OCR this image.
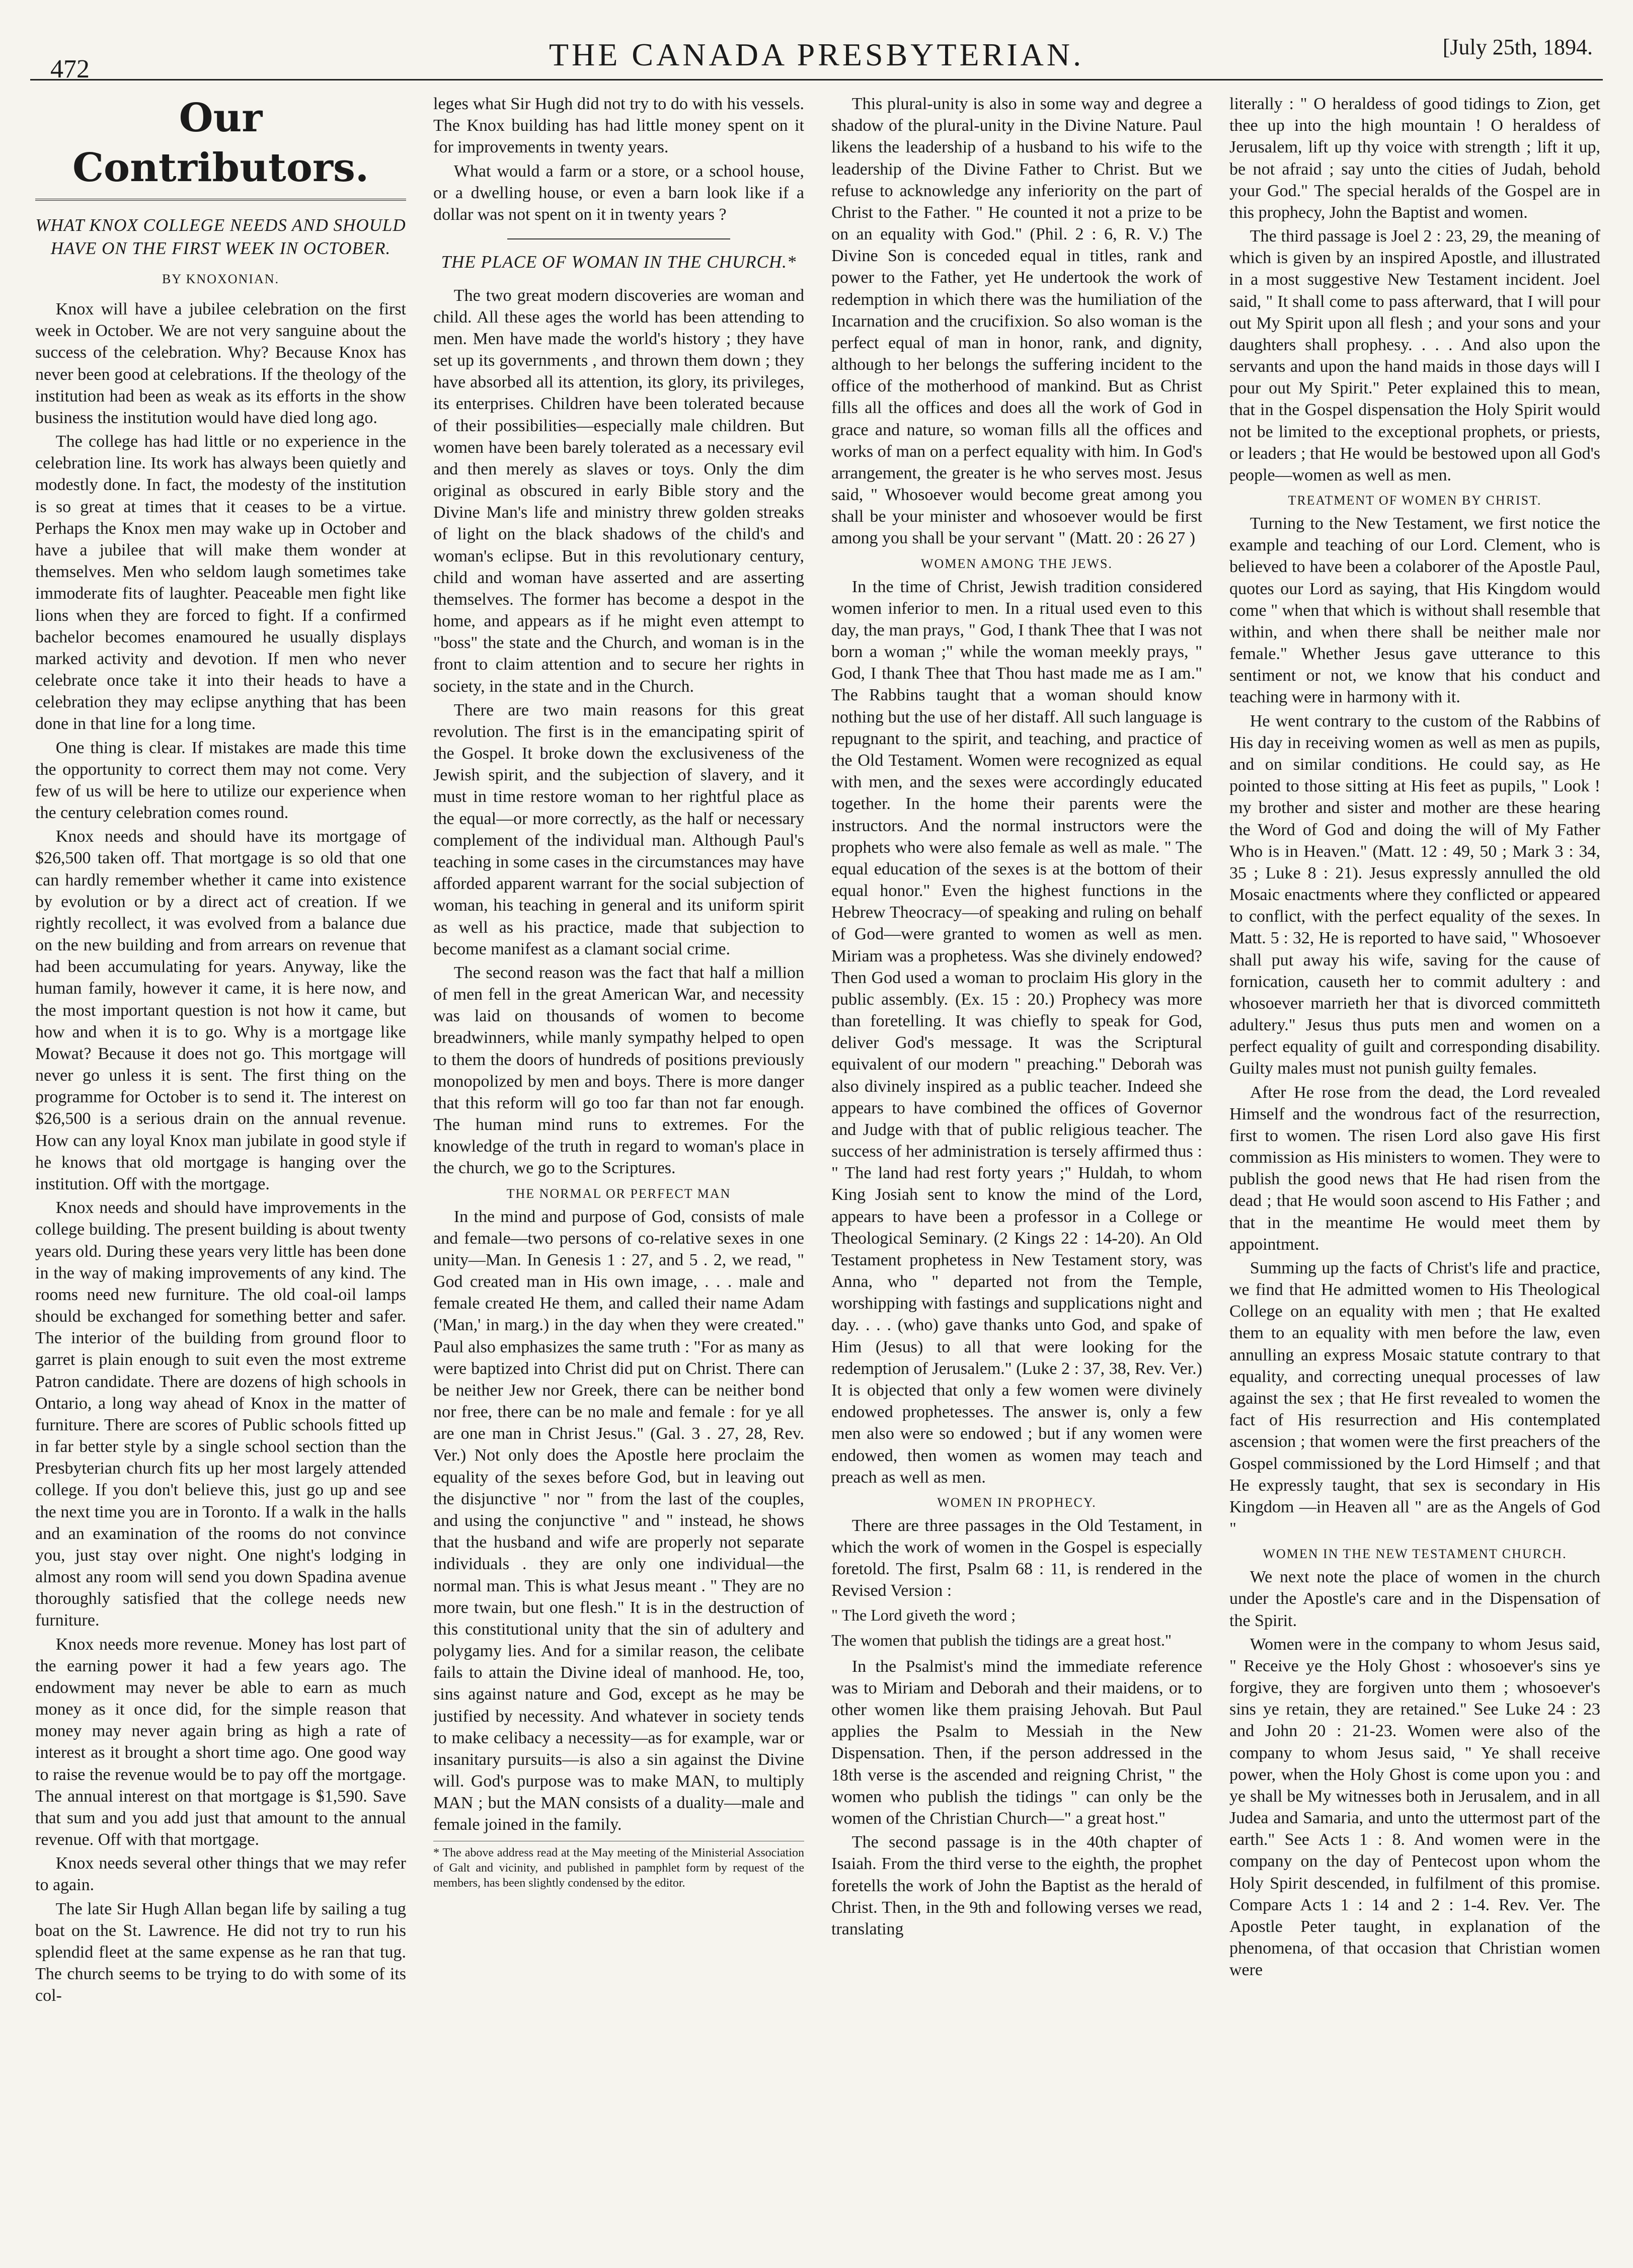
472	THE CANADA PRESBYTERIAN.	[July 25th, 1894.
Our Contributors.
WHAT KNOX COLLEGE NEEDS AND SHOULD HAVE ON THE FIRST WEEK IN OCTOBER.
BY KNOXONIAN.

Knox will have a jubilee celebration on the first week in October. We are not very sanguine about the success of the celebration. Why? Because Knox has never been good at celebrations. If the theology of the institution had been as weak as its efforts in the show business the institution would have died long ago.

The college has had little or no experience in the celebration line. Its work has always been quietly and modestly done. In fact, the modesty of the institution is so great at times that it ceases to be a virtue. Perhaps the Knox men may wake up in October and have a jubilee that will make them wonder at themselves. Men who seldom laugh sometimes take immoderate fits of laughter. Peaceable men fight like lions when they are forced to fight. If a confirmed bachelor becomes enamoured he usually displays marked activity and devotion. If men who never celebrate once take it into their heads to have a celebration they may eclipse anything that has been done in that line for a long time.

One thing is clear. If mistakes are made this time the opportunity to correct them may not come. Very few of us will be here to utilize our experience when the century celebration comes round.

Knox needs and should have its mortgage of $26,500 taken off. That mortgage is so old that one can hardly remember whether it came into existence by evolution or by a direct act of creation. If we rightly recollect, it was evolved from a balance due on the new building and from arrears on revenue that had been accumulating for years. Anyway, like the human family, however it came, it is here now, and the most important question is not how it came, but how and when it is to go. Why is a mortgage like Mowat? Because it does not go. This mortgage will never go unless it is sent. The first thing on the programme for October is to send it. The interest on $26,500 is a serious drain on the annual revenue. How can any loyal Knox man jubilate in good style if he knows that old mortgage is hanging over the institution. Off with the mortgage.

Knox needs and should have improvements in the college building. The present building is about twenty years old. During these years very little has been done in the way of making improvements of any kind. The rooms need new furniture. The old coal-oil lamps should be exchanged for something better and safer. The interior of the building from ground floor to garret is plain enough to suit even the most extreme Patron candidate. There are dozens of high schools in Ontario, a long way ahead of Knox in the matter of furniture. There are scores of Public schools fitted up in far better style by a single school section than the Presbyterian church fits up her most largely attended college. If you don't believe this, just go up and see the next time you are in Toronto. If a walk in the halls and an examination of the rooms do not convince you, just stay over night. One night's lodging in almost any room will send you down Spadina avenue thoroughly satisfied that the college needs new furniture.

Knox needs more revenue. Money has lost part of the earning power it had a few years ago. The endowment may never be able to earn as much money as it once did, for the simple reason that money may never again bring as high a rate of interest as it brought a short time ago. One good way to raise the revenue would be to pay off the mortgage. The annual interest on that mortgage is $1,590. Save that sum and you add just that amount to the annual revenue. Off with that mortgage.

Knox needs several other things that we may refer to again.

The late Sir Hugh Allan began life by sailing a tug boat on the St. Lawrence. He did not try to run his splendid fleet at the same expense as he ran that tug. The church seems to be trying to do with some of its col-

leges what Sir Hugh did not try to do with his vessels. The Knox building has had little money spent on it for improvements in twenty years.

What would a farm or a store, or a school house, or a dwelling house, or even a barn look like if a dollar was not spent on it in twenty years ?

THE PLACE OF WOMAN IN THE CHURCH.*

The two great modern discoveries are woman and child. All these ages the world has been attending to men. Men have made the world's history ; they have set up its governments , and thrown them down ; they have absorbed all its attention, its glory, its privileges, its enterprises. Children have been tolerated because of their possibilities—especially male children. But women have been barely tolerated as a necessary evil and then merely as slaves or toys. Only the dim original as obscured in early Bible story and the Divine Man's life and ministry threw golden streaks of light on the black shadows of the child's and woman's eclipse. But in this revolutionary century, child and woman have asserted and are asserting themselves. The former has become a despot in the home, and appears as if he might even attempt to "boss" the state and the Church, and woman is in the front to claim attention and to secure her rights in society, in the state and in the Church.

There are two main reasons for this great revolution. The first is in the emancipating spirit of the Gospel. It broke down the exclusiveness of the Jewish spirit, and the subjection of slavery, and it must in time restore woman to her rightful place as the equal—or more correctly, as the half or necessary complement of the individual man. Although Paul's teaching in some cases in the circumstances may have afforded apparent warrant for the social subjection of woman, his teaching in general and its uniform spirit as well as his practice, made that subjection to become manifest as a clamant social crime.

The second reason was the fact that half a million of men fell in the great American War, and necessity was laid on thousands of women to become breadwinners, while manly sympathy helped to open to them the doors of hundreds of positions previously monopolized by men and boys. There is more danger that this reform will go too far than not far enough. The human mind runs to extremes. For the knowledge of the truth in regard to woman's place in the church, we go to the Scriptures.

THE NORMAL OR PERFECT MAN

In the mind and purpose of God, consists of male and female—two persons of co-relative sexes in one unity—Man. In Genesis 1 : 27, and 5 . 2, we read, " God created man in His own image, . . . male and female created He them, and called their name Adam ('Man,' in marg.) in the day when they were created." Paul also emphasizes the same truth : "For as many as were baptized into Christ did put on Christ. There can be neither Jew nor Greek, there can be neither bond nor free, there can be no male and female : for ye all are one man in Christ Jesus." (Gal. 3 . 27, 28, Rev. Ver.) Not only does the Apostle here proclaim the equality of the sexes before God, but in leaving out the disjunctive " nor " from the last of the couples, and using the conjunctive " and " instead, he shows that the husband and wife are properly not separate individuals . they are only one individual—the normal man. This is what Jesus meant . " They are no more twain, but one flesh." It is in the destruction of this constitutional unity that the sin of adultery and polygamy lies. And for a similar reason, the celibate fails to attain the Divine ideal of manhood. He, too, sins against nature and God, except as he may be justified by necessity. And whatever in society tends to make celibacy a necessity—as for example, war or insanitary pursuits—is also a sin against the Divine will. God's purpose was to make MAN, to multiply MAN ; but the MAN consists of a duality—male and female joined in the family.

* The above address read at the May meeting of the Ministerial Association of Galt and vicinity, and published in pamphlet form by request of the members, has been slightly condensed by the editor.

This plural-unity is also in some way and degree a shadow of the plural-unity in the Divine Nature. Paul likens the leadership of a husband to his wife to the leadership of the Divine Father to Christ. But we refuse to acknowledge any inferiority on the part of Christ to the Father. " He counted it not a prize to be on an equality with God." (Phil. 2 : 6, R. V.) The Divine Son is conceded equal in titles, rank and power to the Father, yet He undertook the work of redemption in which there was the humiliation of the Incarnation and the crucifixion. So also woman is the perfect equal of man in honor, rank, and dignity, although to her belongs the suffering incident to the office of the motherhood of mankind. But as Christ fills all the offices and does all the work of God in grace and nature, so woman fills all the offices and works of man on a perfect equality with him. In God's arrangement, the greater is he who serves most. Jesus said, " Whosoever would become great among you shall be your minister and whosoever would be first among you shall be your servant " (Matt. 20 : 26 27 )

WOMEN AMONG THE JEWS.

In the time of Christ, Jewish tradition considered women inferior to men. In a ritual used even to this day, the man prays, " God, I thank Thee that I was not born a woman ;" while the woman meekly prays, " God, I thank Thee that Thou hast made me as I am." The Rabbins taught that a woman should know nothing but the use of her distaff. All such language is repugnant to the spirit, and teaching, and practice of the Old Testament. Women were recognized as equal with men, and the sexes were accordingly educated together. In the home their parents were the instructors. And the normal instructors were the prophets who were also female as well as male. " The equal education of the sexes is at the bottom of their equal honor." Even the highest functions in the Hebrew Theocracy—of speaking and ruling on behalf of God—were granted to women as well as men. Miriam was a prophetess. Was she divinely endowed? Then God used a woman to proclaim His glory in the public assembly. (Ex. 15 : 20.) Prophecy was more than foretelling. It was chiefly to speak for God, deliver God's message. It was the Scriptural equivalent of our modern " preaching." Deborah was also divinely inspired as a public teacher. Indeed she appears to have combined the offices of Governor and Judge with that of public religious teacher. The success of her administration is tersely affirmed thus : " The land had rest forty years ;" Huldah, to whom King Josiah sent to know the mind of the Lord, appears to have been a professor in a College or Theological Seminary. (2 Kings 22 : 14-20). An Old Testament prophetess in New Testament story, was Anna, who " departed not from the Temple, worshipping with fastings and supplications night and day. . . . (who) gave thanks unto God, and spake of Him (Jesus) to all that were looking for the redemption of Jerusalem." (Luke 2 : 37, 38, Rev. Ver.) It is objected that only a few women were divinely endowed prophetesses. The answer is, only a few men also were so endowed ; but if any women were endowed, then women as women may teach and preach as well as men.

WOMEN IN PROPHECY.

There are three passages in the Old Testament, in which the work of women in the Gospel is especially foretold. The first, Psalm 68 : 11, is rendered in the Revised Version :

" The Lord giveth the word ;
The women that publish the tidings are a great host."

In the Psalmist's mind the immediate reference was to Miriam and Deborah and their maidens, or to other women like them praising Jehovah. But Paul applies the Psalm to Messiah in the New Dispensation. Then, if the person addressed in the 18th verse is the ascended and reigning Christ, " the women who publish the tidings " can only be the women of the Christian Church—" a great host."

The second passage is in the 40th chapter of Isaiah. From the third verse to the eighth, the prophet foretells the work of John the Baptist as the herald of Christ. Then, in the 9th and following verses we read, translating

literally : " O heraldess of good tidings to Zion, get thee up into the high mountain ! O heraldess of Jerusalem, lift up thy voice with strength ; lift it up, be not afraid ; say unto the cities of Judah, behold your God." The special heralds of the Gospel are in this prophecy, John the Baptist and women.

The third passage is Joel 2 : 23, 29, the meaning of which is given by an inspired Apostle, and illustrated in a most suggestive New Testament incident. Joel said, " It shall come to pass afterward, that I will pour out My Spirit upon all flesh ; and your sons and your daughters shall prophesy. . . . And also upon the servants and upon the hand maids in those days will I pour out My Spirit." Peter explained this to mean, that in the Gospel dispensation the Holy Spirit would not be limited to the exceptional prophets, or priests, or leaders ; that He would be bestowed upon all God's people—women as well as men.

TREATMENT OF WOMEN BY CHRIST.

Turning to the New Testament, we first notice the example and teaching of our Lord. Clement, who is believed to have been a colaborer of the Apostle Paul, quotes our Lord as saying, that His Kingdom would come " when that which is without shall resemble that within, and when there shall be neither male nor female." Whether Jesus gave utterance to this sentiment or not, we know that his conduct and teaching were in harmony with it.

He went contrary to the custom of the Rabbins of His day in receiving women as well as men as pupils, and on similar conditions. He could say, as He pointed to those sitting at His feet as pupils, " Look ! my brother and sister and mother are these hearing the Word of God and doing the will of My Father Who is in Heaven." (Matt. 12 : 49, 50 ; Mark 3 : 34, 35 ; Luke 8 : 21). Jesus expressly annulled the old Mosaic enactments where they conflicted or appeared to conflict, with the perfect equality of the sexes. In Matt. 5 : 32, He is reported to have said, " Whosoever shall put away his wife, saving for the cause of fornication, causeth her to commit adultery : and whosoever marrieth her that is divorced committeth adultery." Jesus thus puts men and women on a perfect equality of guilt and corresponding disability. Guilty males must not punish guilty females.

After He rose from the dead, the Lord revealed Himself and the wondrous fact of the resurrection, first to women. The risen Lord also gave His first commission as His ministers to women. They were to publish the good news that He had risen from the dead ; that He would soon ascend to His Father ; and that in the meantime He would meet them by appointment.

Summing up the facts of Christ's life and practice, we find that He admitted women to His Theological College on an equality with men ; that He exalted them to an equality with men before the law, even annulling an express Mosaic statute contrary to that equality, and correcting unequal processes of law against the sex ; that He first revealed to women the fact of His resurrection and His contemplated ascension ; that women were the first preachers of the Gospel commissioned by the Lord Himself ; and that He expressly taught, that sex is secondary in His Kingdom —in Heaven all " are as the Angels of God "

WOMEN IN THE NEW TESTAMENT CHURCH.

We next note the place of women in the church under the Apostle's care and in the Dispensation of the Spirit.

Women were in the company to whom Jesus said, " Receive ye the Holy Ghost : whosoever's sins ye forgive, they are forgiven unto them ; whosoever's sins ye retain, they are retained." See Luke 24 : 23 and John 20 : 21-23. Women were also of the company to whom Jesus said, " Ye shall receive power, when the Holy Ghost is come upon you : and ye shall be My witnesses both in Jerusalem, and in all Judea and Samaria, and unto the uttermost part of the earth." See Acts 1 : 8. And women were in the company on the day of Pentecost upon whom the Holy Spirit descended, in fulfilment of this promise. Compare Acts 1 : 14 and 2 : 1-4. Rev. Ver. The Apostle Peter taught, in explanation of the phenomena, of that occasion that Christian women were
